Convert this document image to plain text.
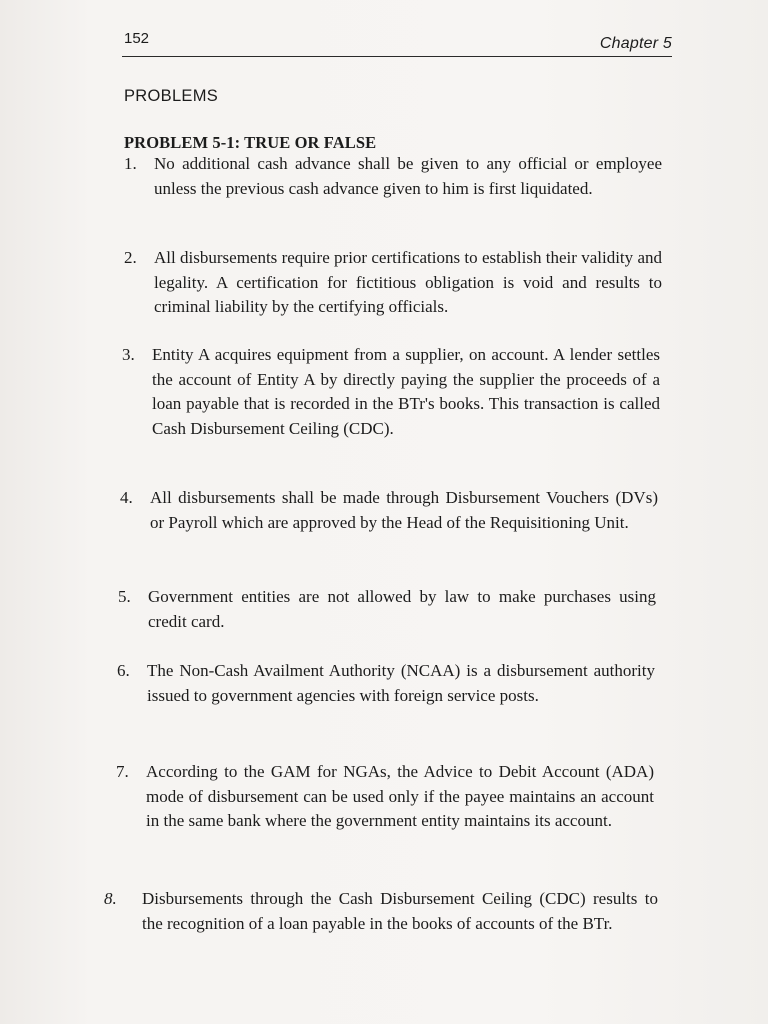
152	Chapter 5
PROBLEMS
PROBLEM 5-1: TRUE OR FALSE
1.	No additional cash advance shall be given to any official or employee unless the previous cash advance given to him is first liquidated.
2.	All disbursements require prior certifications to establish their validity and legality. A certification for fictitious obligation is void and results to criminal liability by the certifying officials.
3.	Entity A acquires equipment from a supplier, on account. A lender settles the account of Entity A by directly paying the supplier the proceeds of a loan payable that is recorded in the BTr's books. This transaction is called Cash Disbursement Ceiling (CDC).
4.	All disbursements shall be made through Disbursement Vouchers (DVs) or Payroll which are approved by the Head of the Requisitioning Unit.
5.	Government entities are not allowed by law to make purchases using credit card.
6.	The Non-Cash Availment Authority (NCAA) is a disbursement authority issued to government agencies with foreign service posts.
7.	According to the GAM for NGAs, the Advice to Debit Account (ADA) mode of disbursement can be used only if the payee maintains an account in the same bank where the government entity maintains its account.
8.	Disbursements through the Cash Disbursement Ceiling (CDC) results to the recognition of a loan payable in the books of accounts of the BTr.
